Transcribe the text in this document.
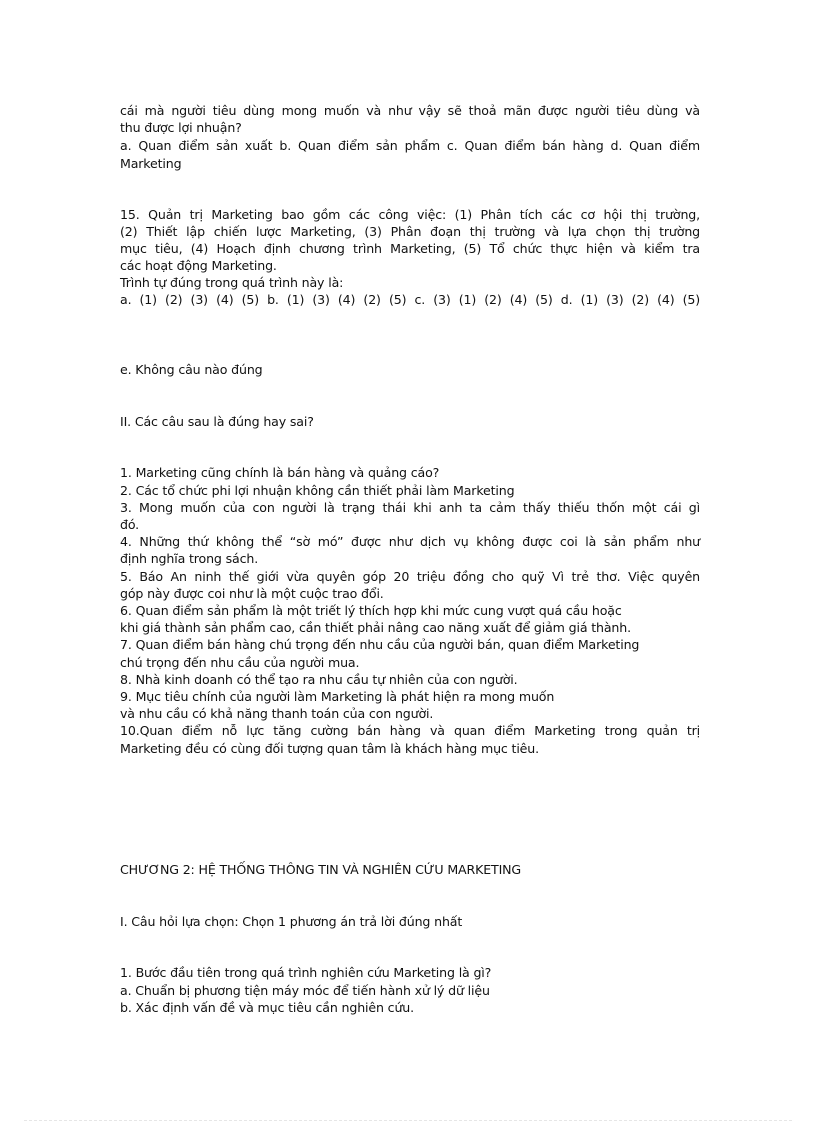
cái mà người tiêu dùng mong muốn và như vậy sẽ thoả mãn được người tiêu dùng và
thu được lợi nhuận?
a. Quan điểm sản xuất b. Quan điểm sản phẩm c. Quan điểm bán hàng d. Quan điểm
Marketing
15. Quản trị Marketing bao gồm các công việc: (1) Phân tích các cơ hội thị trường,
(2) Thiết lập chiến lược Marketing, (3) Phân đoạn thị trường và lựa chọn thị trường
mục tiêu, (4) Hoạch định chương trình Marketing, (5) Tổ chức thực hiện và kiểm tra
các hoạt động Marketing.
Trình tự đúng trong quá trình này là:
a. (1) (2) (3) (4) (5) b. (1) (3) (4) (2) (5) c. (3) (1) (2) (4) (5) d. (1) (3) (2) (4) (5)
e. Không câu nào đúng
II. Các câu sau là đúng hay sai?
1. Marketing cũng chính là bán hàng và quảng cáo?
2. Các tổ chức phi lợi nhuận không cần thiết phải làm Marketing
3. Mong muốn của con người là trạng thái khi anh ta cảm thấy thiếu thốn một cái gì
đó.
4. Những thứ không thể “sờ mó” được như dịch vụ không được coi là sản phẩm như
định nghĩa trong sách.
5. Báo An ninh thế giới vừa quyên góp 20 triệu đồng cho quỹ Vì trẻ thơ. Việc quyên
góp này được coi như là một cuộc trao đổi.
6. Quan điểm sản phẩm là một triết lý thích hợp khi mức cung vượt quá cầu hoặc
khi giá thành sản phẩm cao, cần thiết phải nâng cao năng xuất để giảm giá thành.
7. Quan điểm bán hàng chú trọng đến nhu cầu của người bán, quan điểm Marketing
chú trọng đến nhu cầu của người mua.
8. Nhà kinh doanh có thể tạo ra nhu cầu tự nhiên của con người.
9. Mục tiêu chính của người làm Marketing là phát hiện ra mong muốn
và nhu cầu có khả năng thanh toán của con người.
10.Quan điểm nỗ lực tăng cường bán hàng và quan điểm Marketing trong quản trị
Marketing đều có cùng đối tượng quan tâm là khách hàng mục tiêu.
CHƯƠNG 2: HỆ THỐNG THÔNG TIN VÀ NGHIÊN CỨU MARKETING
I. Câu hỏi lựa chọn: Chọn 1 phương án trả lời đúng nhất
1. Bước đầu tiên trong quá trình nghiên cứu Marketing là gì?
a. Chuẩn bị phương tiện máy móc để tiến hành xử lý dữ liệu
b. Xác định vấn đề và mục tiêu cần nghiên cứu.
